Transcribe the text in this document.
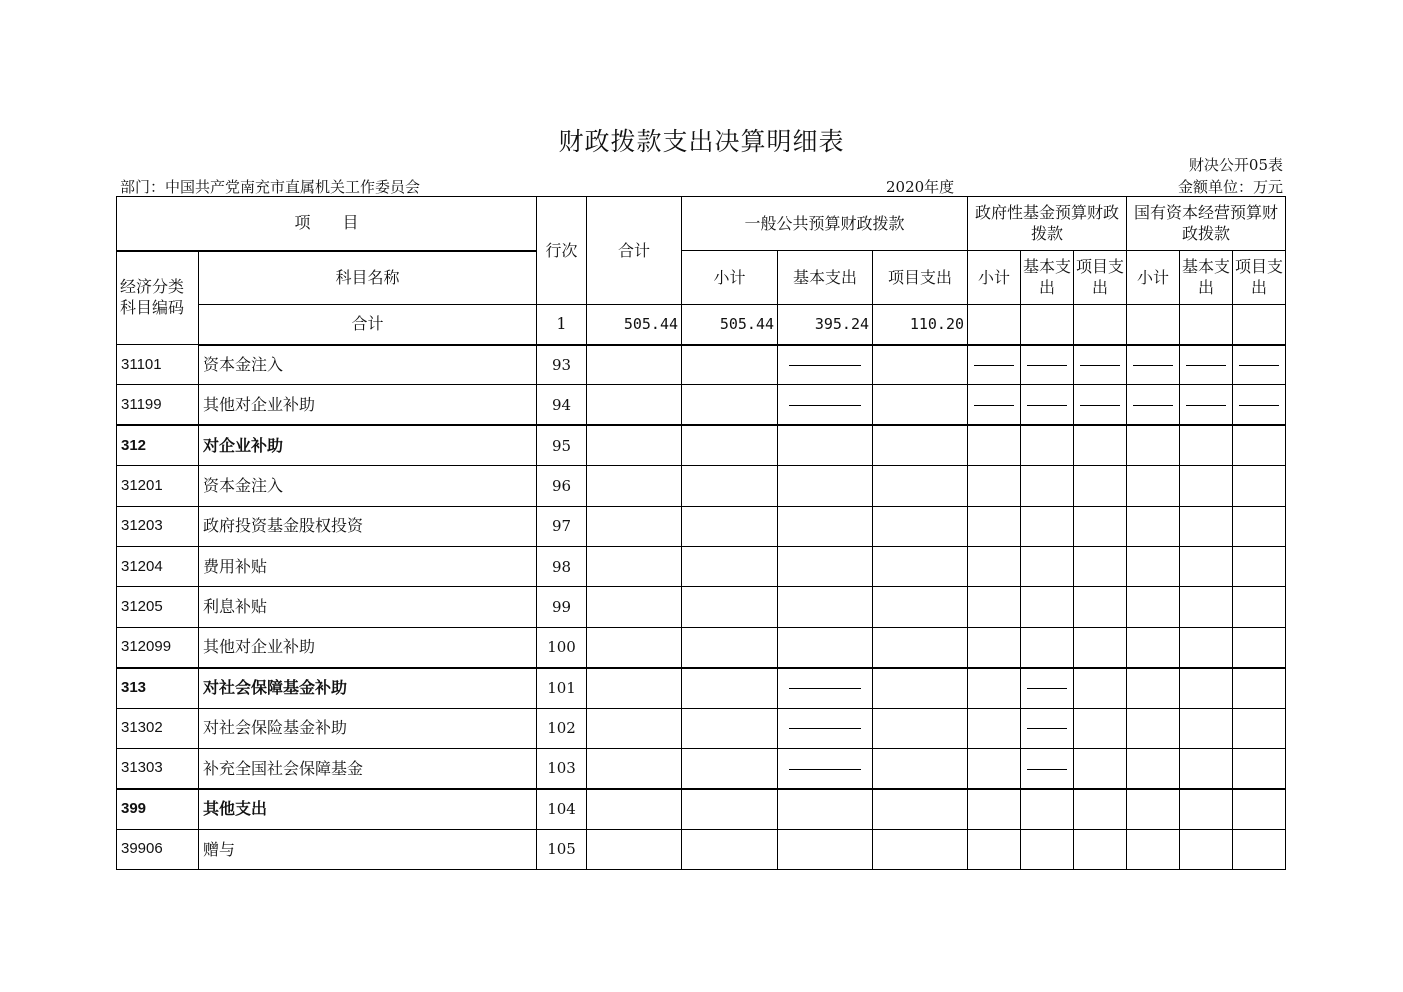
财政拨款支出决算明细表
财决公开05表
部门：中国共产党南充市直属机关工作委员会	2020年度	金额单位：万元
项　　目		行次	合计	一般公共预算财政拨款			政府性基金预算财政拨款			国有资本经营预算财政拨款		
经济分类科目编码	科目名称			小计	基本支出	项目支出	小计	基本支出	项目支出	小计	基本支出	项目支出
	合计	1	505.44	505.44	395.24	110.20						
31101	资本金注入	93										
31199	其他对企业补助	94										
312	对企业补助	95										
31201	资本金注入	96										
31203	政府投资基金股权投资	97										
31204	费用补贴	98										
31205	利息补贴	99										
312099	其他对企业补助	100										
313	对社会保障基金补助	101										
31302	对社会保险基金补助	102										
31303	补充全国社会保障基金	103										
399	其他支出	104										
39906	赠与	105										
